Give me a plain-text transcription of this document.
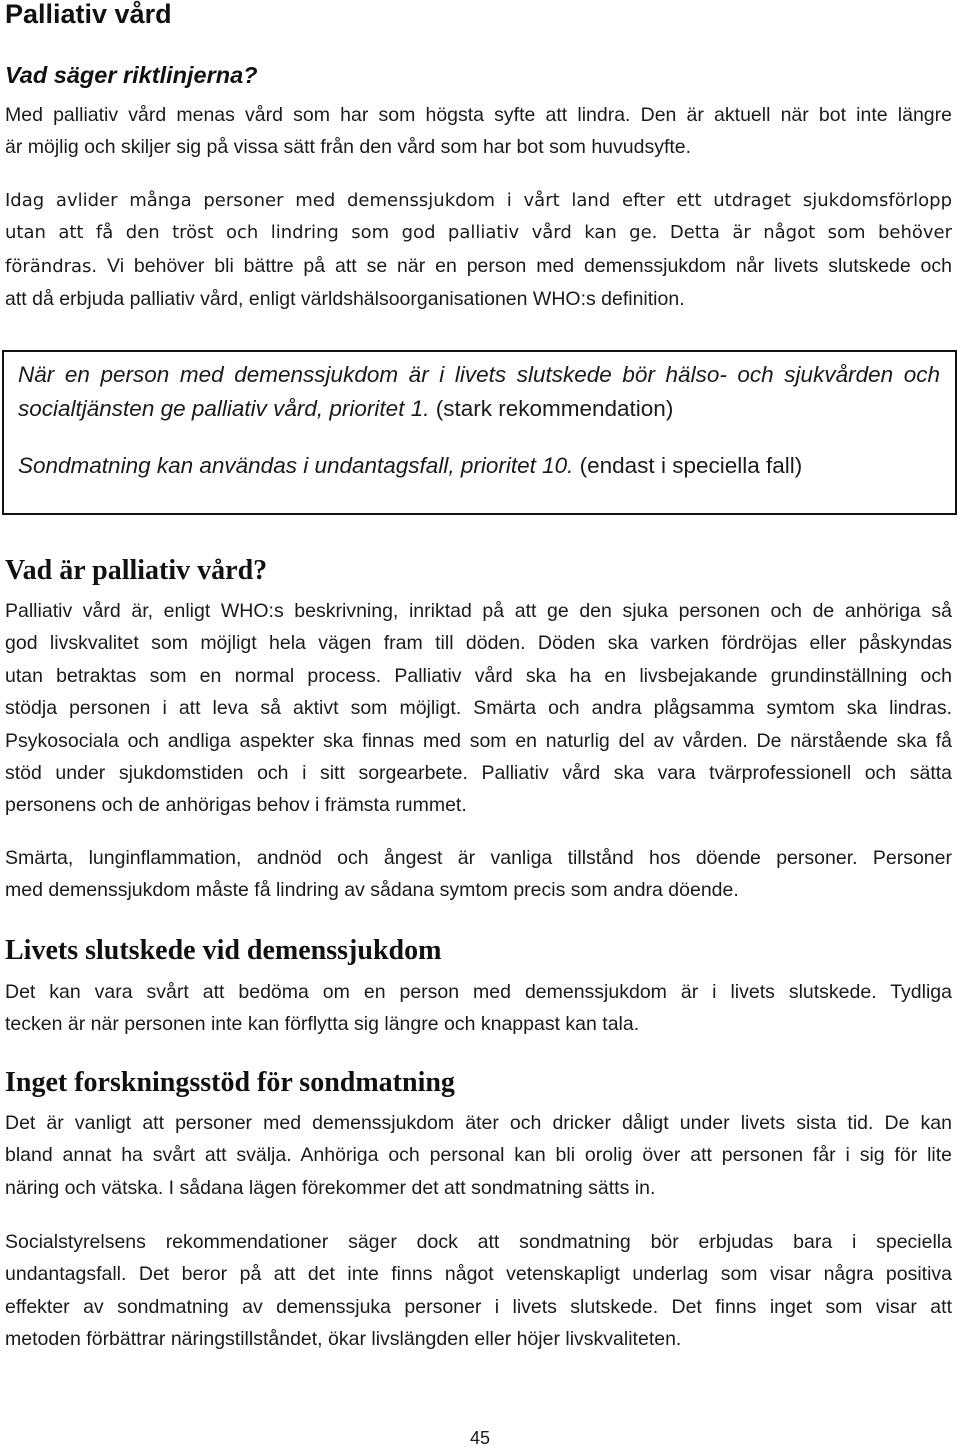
Palliativ vård
Vad säger riktlinjerna?
Med palliativ vård menas vård som har som högsta syfte att lindra. Den är aktuell när bot inte längre
är möjlig och skiljer sig på vissa sätt från den vård som har bot som huvudsyfte.
Idag avlider många personer med demenssjukdom i vårt land efter ett utdraget sjukdomsförlopp
utan att få den tröst och lindring som god palliativ vård kan ge. Detta är något som behöver
förändras. Vi behöver bli bättre på att se när en person med demenssjukdom når livets slutskede och
att då erbjuda palliativ vård, enligt världshälsoorganisationen WHO:s definition.
När en person med demenssjukdom är i livets slutskede bör hälso- och sjukvården och
socialtjänsten ge palliativ vård, prioritet 1. (stark rekommendation)
Sondmatning kan användas i undantagsfall, prioritet 10. (endast i speciella fall)
Vad är palliativ vård?
Palliativ vård är, enligt WHO:s beskrivning, inriktad på att ge den sjuka personen och de anhöriga så
god livskvalitet som möjligt hela vägen fram till döden. Döden ska varken fördröjas eller påskyndas
utan betraktas som en normal process. Palliativ vård ska ha en livsbejakande grundinställning och
stödja personen i att leva så aktivt som möjligt. Smärta och andra plågsamma symtom ska lindras.
Psykosociala och andliga aspekter ska finnas med som en naturlig del av vården. De närstående ska få
stöd under sjukdomstiden och i sitt sorgearbete. Palliativ vård ska vara tvärprofessionell och sätta
personens och de anhörigas behov i främsta rummet.
Smärta, lunginflammation, andnöd och ångest är vanliga tillstånd hos döende personer. Personer
med demenssjukdom måste få lindring av sådana symtom precis som andra döende.
Livets slutskede vid demenssjukdom
Det kan vara svårt att bedöma om en person med demenssjukdom är i livets slutskede. Tydliga
tecken är när personen inte kan förflytta sig längre och knappast kan tala.
Inget forskningsstöd för sondmatning
Det är vanligt att personer med demenssjukdom äter och dricker dåligt under livets sista tid. De kan
bland annat ha svårt att svälja. Anhöriga och personal kan bli orolig över att personen får i sig för lite
näring och vätska. I sådana lägen förekommer det att sondmatning sätts in.
Socialstyrelsens rekommendationer säger dock att sondmatning bör erbjudas bara i speciella
undantagsfall. Det beror på att det inte finns något vetenskapligt underlag som visar några positiva
effekter av sondmatning av demenssjuka personer i livets slutskede. Det finns inget som visar att
metoden förbättrar näringstillståndet, ökar livslängden eller höjer livskvaliteten.
45
